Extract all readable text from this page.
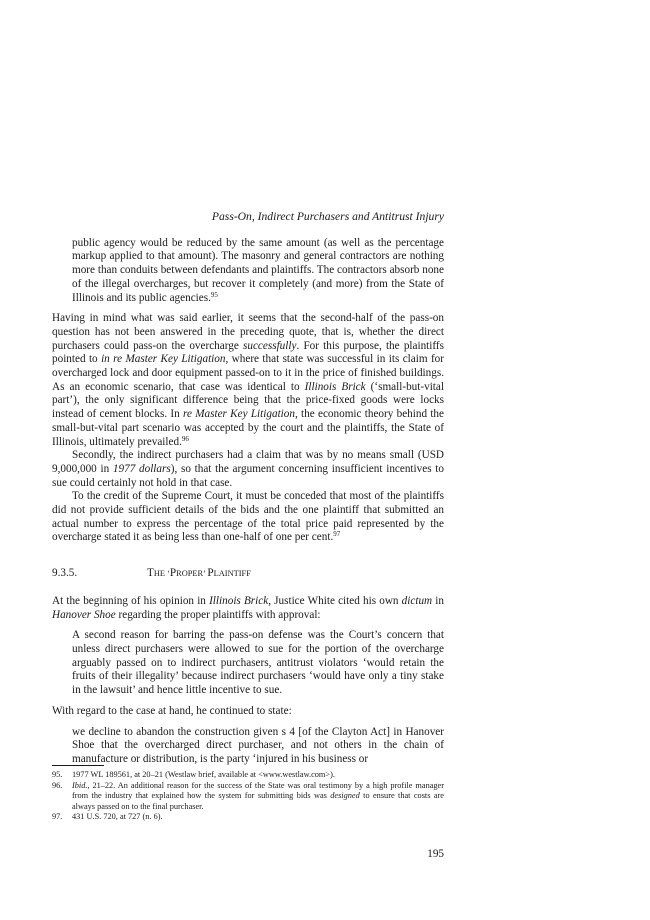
Pass-On, Indirect Purchasers and Antitrust Injury

public agency would be reduced by the same amount (as well as the percentage markup applied to that amount). The masonry and general contractors are nothing more than conduits between defendants and plaintiffs. The contractors absorb none of the illegal overcharges, but recover it completely (and more) from the State of Illinois and its public agencies.$^{95}$

Having in mind what was said earlier, it seems that the second-half of the pass-on question has not been answered in the preceding quote, that is, whether the direct purchasers could pass-on the overcharge successfully. For this purpose, the plaintiffs pointed to in re Master Key Litigation, where that state was successful in its claim for overcharged lock and door equipment passed-on to it in the price of finished buildings. As an economic scenario, that case was identical to Illinois Brick (‘small-but-vital part’), the only significant difference being that the price-fixed goods were locks instead of cement blocks. In re Master Key Litigation, the economic theory behind the small-but-vital part scenario was accepted by the court and the plaintiffs, the State of Illinois, ultimately prevailed.$^{96}$

Secondly, the indirect purchasers had a claim that was by no means small (USD 9,000,000 in 1977 dollars), so that the argument concerning insufficient incentives to sue could certainly not hold in that case.

To the credit of the Supreme Court, it must be conceded that most of the plaintiffs did not provide sufficient details of the bids and the one plaintiff that submitted an actual number to express the percentage of the total price paid represented by the overcharge stated it as being less than one-half of one per cent.$^{97}$

9.3.5.	THE ‘PROPER’ PLAINTIFF

At the beginning of his opinion in Illinois Brick, Justice White cited his own dictum in Hanover Shoe regarding the proper plaintiffs with approval:

A second reason for barring the pass-on defense was the Court’s concern that unless direct purchasers were allowed to sue for the portion of the overcharge arguably passed on to indirect purchasers, antitrust violators ‘would retain the fruits of their illegality’ because indirect purchasers ‘would have only a tiny stake in the lawsuit’ and hence little incentive to sue.

With regard to the case at hand, he continued to state:

we decline to abandon the construction given s 4 [of the Clayton Act] in Hanover Shoe that the overcharged direct purchaser, and not others in the chain of manufacture or distribution, is the party ‘injured in his business or

95.	1977 WL 189561, at 20–21 (Westlaw brief, available at <www.westlaw.com>).
96.	Ibid., 21–22. An additional reason for the success of the State was oral testimony by a high profile manager from the industry that explained how the system for submitting bids was designed to ensure that costs are always passed on to the final purchaser.
97.	431 U.S. 720, at 727 (n. 6).
195
